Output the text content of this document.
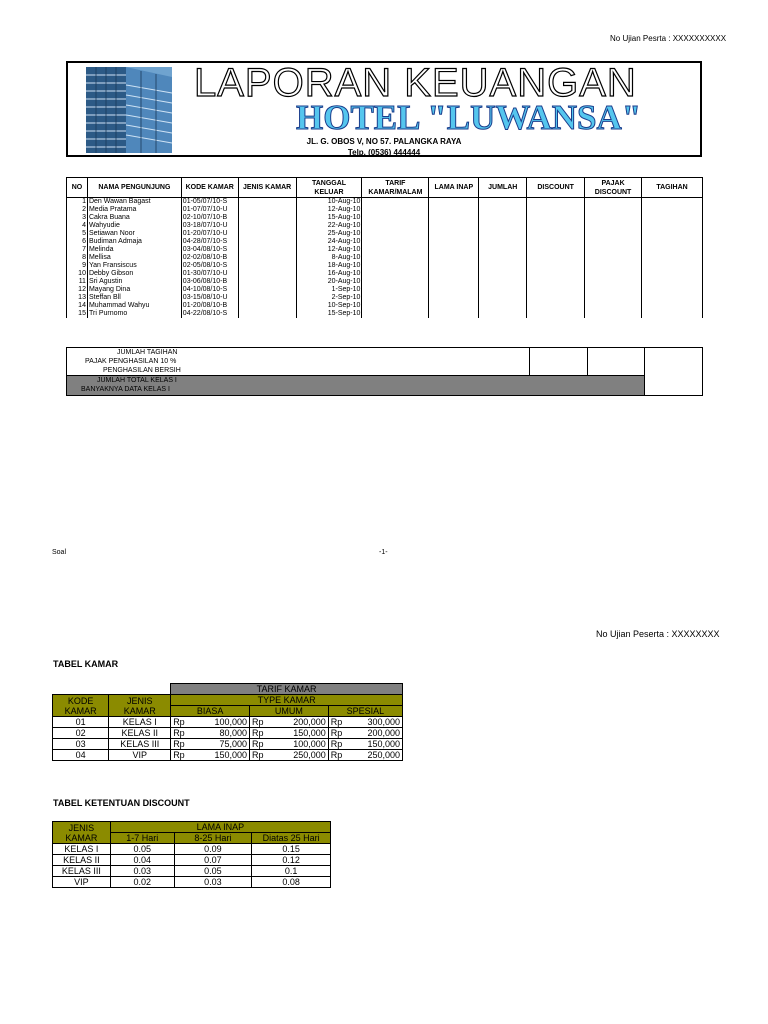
No Ujian Pesrta : XXXXXXXXXX
LAPORAN KEUANGAN
HOTEL "LUWANSA"
JL. G. OBOS V, NO 57. PALANGKA RAYA
Telp. (0536) 444444
NO	NAMA PENGUNJUNG	KODE KAMAR	JENIS KAMAR	TANGGAL KELUAR	TARIF KAMAR/MALAM	LAMA INAP	JUMLAH	DISCOUNT	PAJAK DISCOUNT	TAGIHAN
1	Den Wawan Bagast	01-05/07/10-S		10-Aug-10						
2	Media Pratama	01-07/07/10-U		12-Aug-10						
3	Cakra Buana	02-10/07/10-B		15-Aug-10						
4	Wahyudie	03-18/07/10-U		22-Aug-10						
5	Setiawan Noor	01-20/07/10-U		25-Aug-10						
6	Budiman Admaja	04-28/07/10-S		24-Aug-10						
7	Melinda	03-04/08/10-S		12-Aug-10						
8	Mellisa	02-02/08/10-B		8-Aug-10						
9	Yan Fransiscus	02-05/08/10-S		18-Aug-10						
10	Debby Gibson	01-30/07/10-U		16-Aug-10						
11	Sri Agustin	03-06/08/10-B		20-Aug-10						
12	Mayang Dina	04-10/08/10-S		1-Sep-10						
13	Steffan Bll	03-15/08/10-U		2-Sep-10						
14	Muhammad Wahyu	01-20/08/10-B		10-Sep-10						
15	Tri Purnomo	04-22/08/10-S		15-Sep-10						
JUMLAH TAGIHAN
PAJAK PENGHASILAN 10 %
PENGHASILAN BERSIH

JUMLAH TOTAL KELAS I
BANYAKNYA DATA KELAS I
Soal	-1-
No Ujian Peserta : XXXXXXXX
TABEL KAMAR
		TARIF KAMAR					
KODE KAMAR	JENIS KAMAR	TYPE KAMAR					
		BIASA		UMUM		SPESIAL	
01	KELAS I	Rp	100,000	Rp	200,000	Rp	300,000
02	KELAS II	Rp	80,000	Rp	150,000	Rp	200,000
03	KELAS III	Rp	75,000	Rp	100,000	Rp	150,000
04	VIP	Rp	150,000	Rp	250,000	Rp	250,000
TABEL KETENTUAN DISCOUNT
JENIS KAMAR	LAMA INAP		
	1-7 Hari	8-25 Hari	Diatas 25 Hari
KELAS I	0.05	0.09	0.15
KELAS II	0.04	0.07	0.12
KELAS III	0.03	0.05	0.1
VIP	0.02	0.03	0.08
